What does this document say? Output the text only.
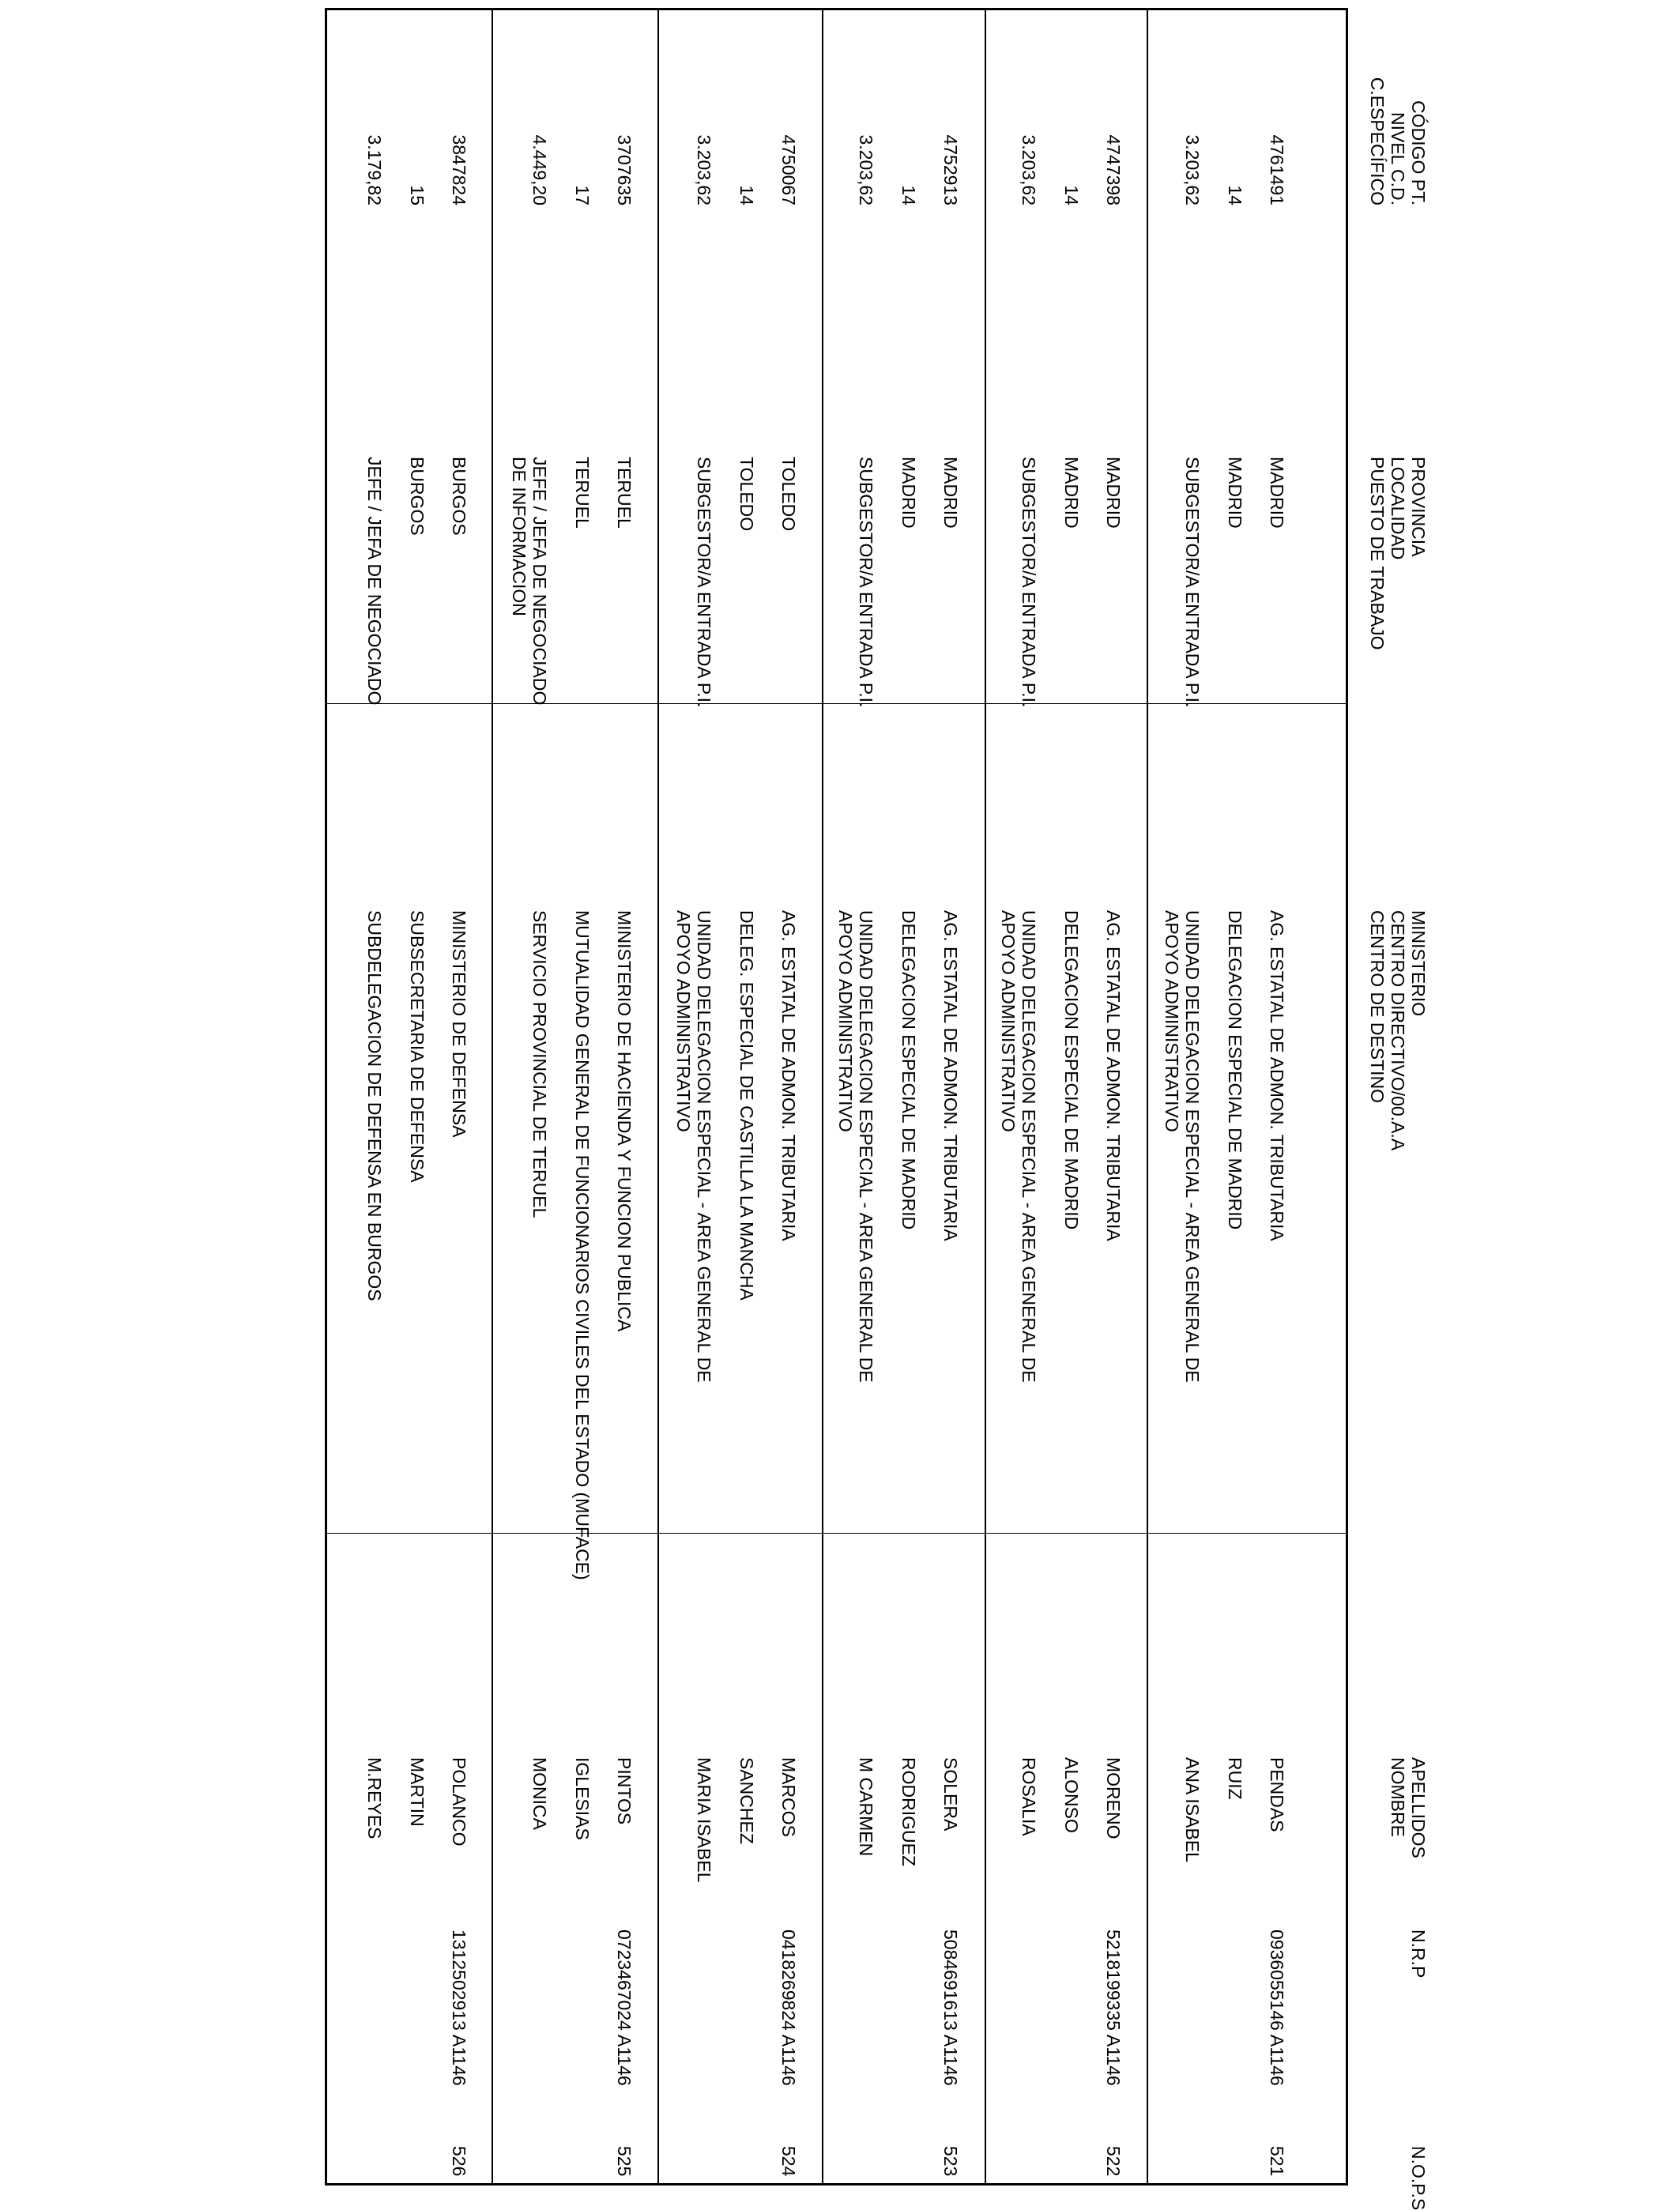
N.O.P.S
N.R.P
APELLIDOS
NOMBRE
MINISTERIO
CENTRO DIRECTIVO/00.A.A
CENTRO DE DESTINO
PROVINCIA
LOCALIDAD
PUESTO DE TRABAJO
CÓDIGO PT.
NIVEL C.D.
C.ESPECÍFICO
521
0936055146 A1146
PENDAS
RUIZ
ANA ISABEL
AG. ESTATAL DE ADMON. TRIBUTARIA
DELEGACION ESPECIAL DE MADRID
UNIDAD DELEGACION ESPECIAL - AREA GENERAL DE APOYO ADMINISTRATIVO
MADRID
MADRID
SUBGESTOR/A ENTRADA P.I.
4761491
14
3.203,62
522
5218199335 A1146
MORENO
ALONSO
ROSALIA
AG. ESTATAL DE ADMON. TRIBUTARIA
DELEGACION ESPECIAL DE MADRID
UNIDAD DELEGACION ESPECIAL - AREA GENERAL DE APOYO ADMINISTRATIVO
MADRID
MADRID
SUBGESTOR/A ENTRADA P.I.
4747398
14
3.203,62
523
5084691613 A1146
SOLERA
RODRIGUEZ
M CARMEN
AG. ESTATAL DE ADMON. TRIBUTARIA
DELEGACION ESPECIAL DE MADRID
UNIDAD DELEGACION ESPECIAL - AREA GENERAL DE APOYO ADMINISTRATIVO
MADRID
MADRID
SUBGESTOR/A ENTRADA P.I.
4752913
14
3.203,62
524
0418269824 A1146
MARCOS
SANCHEZ
MARIA ISABEL
AG. ESTATAL DE ADMON. TRIBUTARIA
DELEG. ESPECIAL DE CASTILLA LA MANCHA
UNIDAD DELEGACION ESPECIAL - AREA GENERAL DE APOYO ADMINISTRATIVO
TOLEDO
TOLEDO
SUBGESTOR/A ENTRADA P.I.
4750067
14
3.203,62
525
0723467024 A1146
PINTOS
IGLESIAS
MONICA
MINISTERIO DE HACIENDA Y FUNCION PUBLICA
MUTUALIDAD GENERAL DE FUNCIONARIOS CIVILES DEL ESTADO (MUFACE)
SERVICIO PROVINCIAL DE TERUEL
TERUEL
TERUEL
JEFE / JEFA DE NEGOCIADO DE INFORMACION
3707635
17
4.449,20
526
1312502913 A1146
POLANCO
MARTIN
M.REYES
MINISTERIO DE DEFENSA
SUBSECRETARIA DE DEFENSA
SUBDELEGACION DE DEFENSA EN BURGOS
BURGOS
BURGOS
JEFE / JEFA DE NEGOCIADO
3847824
15
3.179,82
